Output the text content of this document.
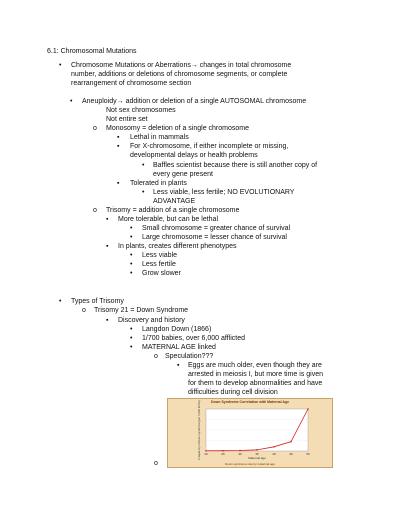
6.1: Chromosomal Mutations
•
Chromosome Mutations or Aberrations→ changes in total chromosome
number, additions or deletions of chromosome segments, or complete
rearrangement of chromosome section
•
Aneuploidy→ addition or deletion of a single AUTOSOMAL chromosome
Not sex chromosomes
Not entire set
o
Monosomy = deletion of a single chromosome
▪
Lethal in mammals
▪
For X-chromosome, if either incomplete or missing,
developmental delays or health problems
•
Baffles scientist because there is still another copy of
every gene present
▪
Tolerated in plants
•
Less viable, less fertile; NO EVOLUTIONARY
ADVANTAGE
o
Trisomy = addition of a single chromosome
▪
More tolerable, but can be lethal
•
Small chromosome = greater chance of survival
•
Large chromosome = lesser chance of survival
▪
In plants, creates different phenotypes
•
Less viable
•
Less fertile
•
Grow slower
•
Types of Trisomy
o
Trisomy 21 = Down Syndrome
▪
Discovery and history
•
Langdon Down (1866)
•
1/700 babies, over 6,000 afflicted
•
MATERNAL AGE linked
o
Speculation???
▪
Eggs are much older, even though they are
arrested in meiosis I, but more time is given
for them to develop abnormalities and have
difficulties during cell division
Down Syndrome Correlation with Maternal Age
20	25	30	35	40	45	50
Maternal age
Frequency of Down syndrome (per 1,000 births)
Down syndrome rate by maternal age
o
